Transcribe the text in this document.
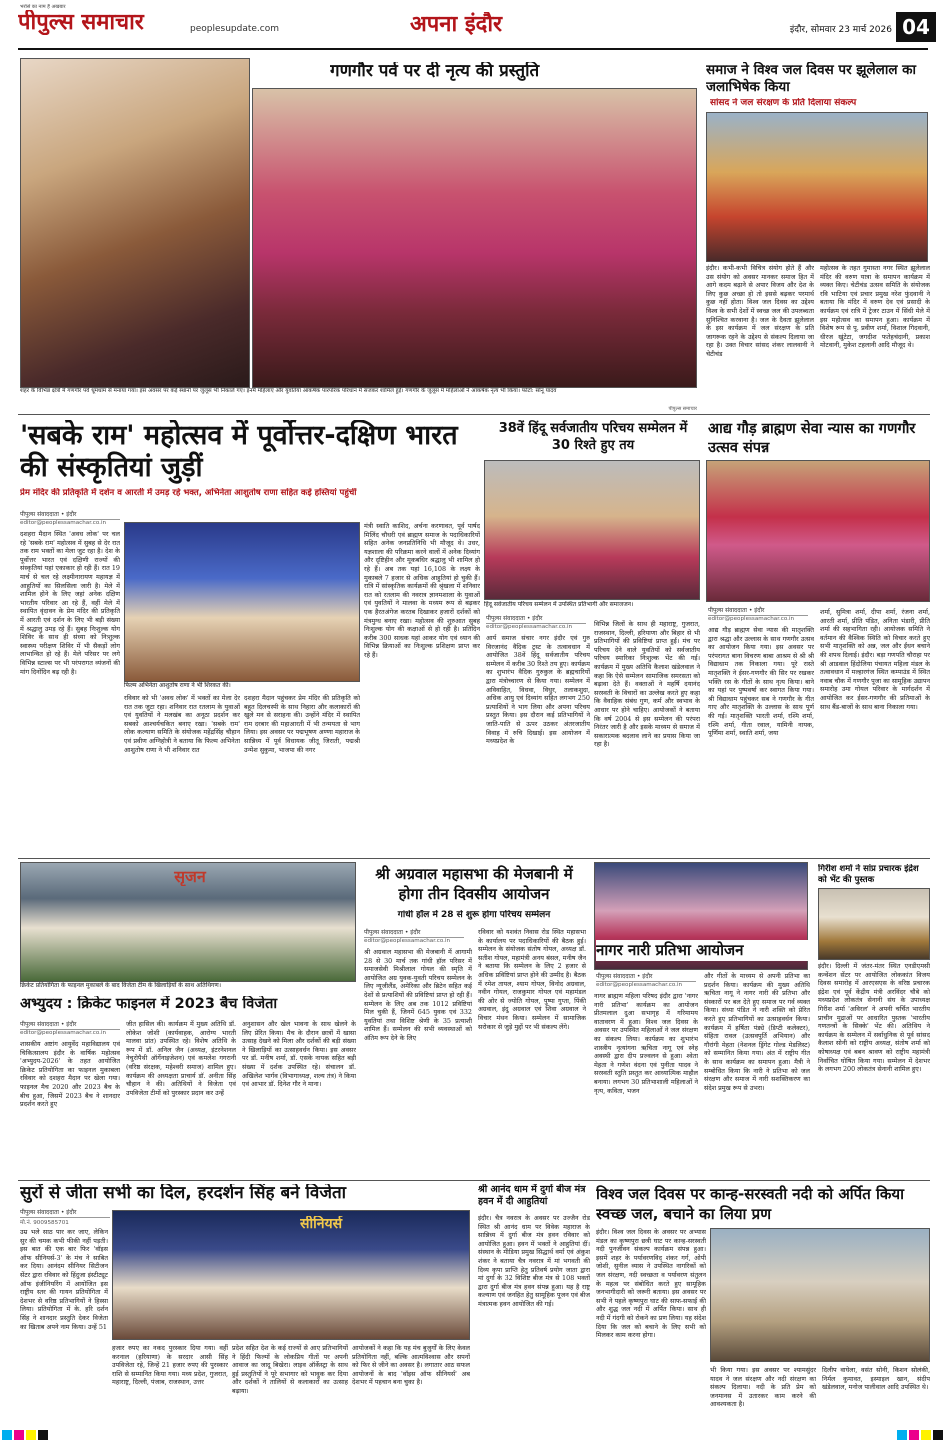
भरोसे का नाम हैं अखबार
पीपुल्स समाचार	peoplesupdate.com	अपना इंदौर	इंदौर, सोमवार 23 मार्च 2026 04
गणगौर पर्व पर दी नृत्य की प्रस्तुति
शहर के विभिन्न क्षेत्रों में गणगौर पर्व धूमधाम से मनाया गया। इस अवसर पर कई स्थानों पर जुलूस भी निकाले गए। इनमें महिलाएं और युवतियां आकर्षक पारंपरिक परिधान में सजकर शामिल हुईं। गणगौर के जुलूस में महिलाओं ने आकर्षक नृत्य भी किया। फोटो: सोनू यादव
पीपुल्स समाचार
समाज ने विश्व जल दिवस पर झूलेलाल का जलाभिषेक किया
सांसद ने जल संरक्षण के प्रति दिलाया संकल्प
इंदौर। कभी-कभी विचित्र संयोग होते हैं और उस संयोग को अवसर मानकर समाज हित में आगे कदम बढ़ाने से अपार विजय और देश के लिए कुछ अच्छा हो तो इससे बढ़कर परमार्थ कुछ नहीं होता। विश्व जल दिवस का उद्देश्य विश्व के सभी देशों में स्वच्छ जल की उपलब्धता सुनिश्चित करवाना है। जल के दैवता झूलेलाल के इस कार्यक्रम में जल संरक्षण के प्रति जागरूक रहने के उद्देश्य से संकल्प दिलाया जा रहा है। उक्त विचार सांसद शंकर लालवानी ने चेटीचंड
महोत्सव के तहत गुमास्ता नगर स्थित झूलेलाल मंदिर की वरुण यात्रा के समापन कार्यक्रम में व्यक्त किए। चेटीचंड उत्सव समिति के संयोजक रवि भाटिया एवं प्रचार प्रमुख नरेश फुंदवानी ने बताया कि मंदिर में वरुण देव एवं प्रसादी के कार्यक्रम एवं रात्रि में ट्रेजर टाउन में सिंधी मेले में इस महोत्सव का समापन हुआ। कार्यक्रम में विशेष रूप से पू. प्रवीण शर्मा, विशाल गिदवानी, धीरज खुंटेटा, जगदीश फतेहचंदानी, प्रकाश मोटवानी, मुकेश टहलानी आदि मौजूद थे।
'सबके राम' महोत्सव में पूर्वोत्तर-दक्षिण भारत की संस्कृतियां जुड़ीं
प्रेम मंदिर की प्रतिकृति में दर्शन व आरती में उमड़ रहे भक्त, अभिनेता आशुतोष राणा सहित कई हस्तियां पहुंचीं
पीपुल्स संवाददाता • इंदौर
editor@peoplessamachar.co.in
दशहरा मैदान स्थित 'अवध लोक' पर चल रहे 'सबके राम' महोत्सव में सुबह से देर रात तक राम भक्तों का मेला जुट रहा है। देश के पूर्वोत्तर भारत एवं दक्षिणी राज्यों की संस्कृतियां यहां एकाकार हो रही हैं। रात 19 मार्च से चल रहे लक्ष्मीनारायण महायज्ञ में आहुतियों का सिलसिला जारी है। मेले में शामिल होने के लिए जहां अनेक दक्षिण भारतीय परिवार आ रहे हैं, वहीं मेले में स्थापित वृंदावन के प्रेम मंदिर की प्रतिकृति में आरती एवं दर्शन के लिए भी बड़ी संख्या में श्रद्धालु उमड़ रहे हैं। सुबह निःशुल्क योग शिविर के साथ ही संध्या को निःशुल्क स्वास्थ्य परीक्षण शिविर में भी सैकड़ों लोग लाभान्वित हो रहे हैं। मेले परिसर पर लगे विभिन्न स्टाल्स पर भी परंपरागत व्यंजनों की मांग दिनोंदिन बढ़ रही है।
फिल्म अभिनेता आशुतोष राणा ने भी शिरकत की।
मंत्री स्वाति काशिद, अर्चना करणावत, पूर्व पार्षद मिलिंद चौधरी एवं ब्राह्मण समाज के पदाधिकारियों सहित अनेक जनप्रतिनिधि भी मौजूद थे। उधर, यज्ञशाला की परिक्रमा करने वालों में अनेक दिव्यांग और दृष्टिहीन और मूकबधिर श्रद्धालु भी शामिल हो रहे हैं। अब तक यहां 16,108 के लक्ष्य के मुकाबले 7 हजार से अधिक आहुतियां हो चुकी हैं। रात्रि में सांस्कृतिक कार्यक्रमों की श्रृंखला में शनिवार रात को रतलाम की नवरात्र ज्ञानमशाला के युवाओं एवं युवतियों ने मालवा के मध्यम रूप से बढ़कर एक हैरतअंगेज करतब दिखाकर हजारों दर्शकों को मंत्रमुग्ध बनाए रखा। महोत्सव की शुरुआत सुबह निःशुल्क योग की कक्षाओं से हो रही है। प्रतिदिन करीब 300 साधक यहां आकर योग एवं ध्यान की विभिन्न क्रियाओं का निःशुल्क प्रशिक्षण प्राप्त कर रहे हैं।
रविवार को भी 'अवध लोक' में भक्तों का मेला देर रात तक जुटा रहा। शनिवार रात रतलाम के युवाओं एवं युवतियों ने मलखंब का अनूठा प्रदर्शन कर सबको आश्चर्यचकित बनाए रखा। 'सबके राम' लोक कल्याण समिति के संयोजक महेंद्रसिंह चौहान एवं प्रवीण अग्निहोत्री ने बताया कि फिल्म अभिनेता आशुतोष राणा ने भी शनिवार रात
दशहरा मैदान पहुंचकर प्रेम मंदिर की प्रतिकृति को बहुत दिलचस्पी के साथ निहारा और कलाकारों की खुले मन से सराहना की। उन्होंने मंदिर में स्थापित राम दरबार की महाआरती में भी तन्मयता से भाग लिया। इस अवसर पर पद्मभूषण अण्णा महाराज के सान्निध्य में पूर्व विधायक जीतू जिराती, पद्मश्री उन्मेश सुकुमा, भाजपा की नगर
38वें हिंदू सर्वजातीय परिचय सम्मेलन में 30 रिश्ते हुए तय
हिंदू सर्वजातीय परिचय सम्मेलन में उपस्थित प्रतिभागी और समाजजन।
पीपुल्स संवाददाता • इंदौर
editor@peoplessamachar.co.in
आर्य समाज संचार नगर इंदौर एवं गुरु विरजानंद वैदिक ट्रस्ट के तत्वावधान में आयोजित 38वें हिंदू सर्वजातीय परिचय सम्मेलन में करीब 30 रिश्ते तय हुए। कार्यक्रम का शुभारंभ वैदिक गुरुकुल के ब्रह्मचारियों द्वारा मंत्रोच्चारण से किया गया। सम्मेलन में अविवाहित, विधवा, विधुर, तलाकशुदा, अधिक आयु एवं दिव्यांग सहित लगभग 250 प्रत्याशियों ने भाग लिया और अपना परिचय प्रस्तुत किया। इस दौरान कई प्रतिभागियों ने जाति-पाति से ऊपर उठकर अंतरजातीय विवाह में रुचि दिखाई। इस आयोजन में मध्यप्रदेश के
विभिन्न जिलों के साथ ही महाराष्ट्र, गुजरात, राजस्थान, दिल्ली, हरियाणा और बिहार से भी प्रतिभागियों की प्रविष्टियां प्राप्त हुईं। मंच पर परिचय देने वाले युवतियों को सर्वजातीय परिचय स्मारिका निःशुल्क भेंट की गई। कार्यक्रम में मुख्य अतिथि कैलाश खंडेलवाल ने कहा कि ऐसे सम्मेलन सामाजिक समरसता को बढ़ावा देते हैं। वक्ताओं ने महर्षि दयानंद सरस्वती के विचारों का उल्लेख करते हुए कहा कि वैवाहिक संबंध गुण, कर्म और स्वभाव के आधार पर होने चाहिए। आयोजकों ने बताया कि वर्ष 2004 से इस सम्मेलन की परंपरा निरंतर जारी है और इसके माध्यम से समाज में सकारात्मक बदलाव लाने का प्रयास किया जा रहा है।
आद्य गौड़ ब्राह्मण सेवा न्यास का गणगौर उत्सव संपन्न
पीपुल्स संवाददाता • इंदौर
editor@peoplessamachar.co.in
आद्य गौड़ ब्राह्मण सेवा न्यास की मातृशक्ति द्वारा श्रद्धा और उल्लास के साथ गणगौर उत्सव का आयोजन किया गया। इस अवसर पर परंपरागत बाना विचरण बाबा आश्रम से श्री श्री विद्याधाम तक निकाला गया। पूरे रास्ते मातृशक्ति ने ईसर-गणगौर की सिर पर रखकर भक्ति रस के गीतों के साथ नृत्य किया। बाने का यहां पर पुष्पवर्षा कर स्वागत किया गया। श्री विद्याधाम पहुंचकर सब ने गणगौर के गीत गाए और मातृशक्ति के उल्लास के साथ पूर्ण की गई। मातृशक्ति भारती शर्मा, रश्मि शर्मा, रश्मि शर्मा, गीता रवाल, यामिनी नायक, पूर्णिमा शर्मा, स्वाति शर्मा, जया
शर्मा, सुमित्रा शर्मा, दीपा शर्मा, रंजना शर्मा, आरती शर्मा, प्रीति पंडित, अनिता भंडारी, प्रीति शर्मा की सहभागिता रही। आयोजक समिति ने वर्तमान की वैश्विक स्थिति को विचार करते हुए सभी मातृशक्ति को अन्न, जल और ईंधन बचाने की शपथ दिलाई। इंदौर। बड़ा गणपति चौराहा पर श्री आडवाल हिंदोलिया पंचायत महिला मंडल के तत्वावधान में मल्हारगंज स्थित कम्पाउंड में स्थित नवाब चौक में गणगौर पूजा का सामूहिक उद्यापन समारोह उमा गोयल परिवार के मार्गदर्शन में आयोजित कर ईसर-गणगौर की प्रतिमाओं के साथ बैंड-बाजों के साथ बाना निकाला गया।
सृजन
क्रिकेट प्रतियोगिता के फाइनल मुकाबले के बाद विजेता टीम के खिलाड़ियों के साथ अतिथिगण।
अभ्युदय : क्रिकेट फाइनल में 2023 बैच विजेता
पीपुल्स संवाददाता • इंदौर
editor@peoplessamachar.co.in
शासकीय अष्टांग आयुर्वेद महाविद्यालय एवं चिकित्सालय इंदौर के वार्षिक महोत्सव 'अभ्युदय-2026' के तहत आयोजित क्रिकेट प्रतियोगिता का फाइनल मुकाबला रविवार को दशहरा मैदान पर खेला गया। फाइनल मैच 2020 और 2023 बैच के बीच हुआ, जिसमें 2023 बैच ने शानदार प्रदर्शन करते हुए
जीत हासिल की। कार्यक्रम में मुख्य अतिथि डॉ. लोकेश जोशी (कार्यवाहक, आरोग्य भारती मालवा प्रांत) उपस्थित रहे। विशेष अतिथि के रूप में डॉ. अनिल जैन (अध्यक्ष, इंटरनेशनल नेचुरोपैथी ऑर्गेनाइजेशन) एवं कमलेश गगरानी (वरिष्ठ संरक्षक, महेश्वरी समाज) शामिल हुए। कार्यक्रम की अध्यक्षता प्राचार्य डॉ. अनीता सिंह चौहान ने की। अतिथियों ने विजेता एवं उपविजेता टीमों को पुरस्कार प्रदान कर उन्हें
अनुशासन और खेल भावना के साथ खेलने के लिए प्रेरित किया। मैच के दौरान छात्रों में खासा उत्साह देखने को मिला और दर्शकों की बड़ी संख्या ने खिलाड़ियों का उत्साहवर्धन किया। इस अवसर पर डॉ. मनीष शर्मा, डॉ. एसके नायक सहित बड़ी संख्या में दर्शक उपस्थित रहे। संचालन डॉ. अखिलेश भार्गव (विभागाध्यक्ष, शल्य तंत्र) ने किया एवं आभार डॉ. दिनेश गौर ने माना।
श्री अग्रवाल महासभा की मेजबानी में होगा तीन दिवसीय आयोजन
गांधी हॉल में 28 से शुरू होगा परिचय सम्मेलन
पीपुल्स संवाददाता • इंदौर
editor@peoplessamachar.co.in
श्री अग्रवाल महासभा की मेजबानी में आगामी 28 से 30 मार्च तक गांधी हॉल परिसर में समाजसेवी मिश्रीलाल गोयल की स्मृति में आयोजित अग्र युवक-युवती परिचय सम्मेलन के लिए न्यूजीलैंड, अमेरिका और ब्रिटेन सहित कई देशों से प्रत्याशियों की प्रविष्टियां प्राप्त हो रही हैं। सम्मेलन के लिए अब तक 1012 प्रविष्टियां मिल चुकी हैं, जिनमें 645 युवक एवं 332 युवतियां तथा विशिष्ट श्रेणी के 35 प्रत्याशी शामिल हैं। सम्मेलन की सभी व्यवस्थाओं को अंतिम रूप देने के लिए
रविवार को यशवंत निवास रोड स्थित महासभा के कार्यालय पर पदाधिकारियों की बैठक हुई। सम्मेलन के संयोजक संतोष गोयल, अध्यक्ष डॉ. सतीश गोयल, महामंत्री अनय बंसल, मनीष जैन ने बताया कि सम्मेलन के लिए 2 हजार से अधिक प्रविष्टियां प्राप्त होने की उम्मीद है। बैठक में रमेश तायल, श्याम गोयल, विनोद अग्रवाल, नवीन गोयल, राजकुमार गोयल एवं महामंडल की ओर से ज्योति गोयल, पुष्पा गुप्ता, पिंकी अग्रवाल, इंदु अग्रवाल एवं शिवा अग्रवाल ने विचार मंथन किया। सम्मेलन में सामाजिक सरोकार से जुड़े मुद्दों पर भी संकल्प लेंगे।
नागर नारी प्रतिभा आयोजन
पीपुल्स संवाददाता • इंदौर
editor@peoplessamachar.co.in
नागर ब्राह्मण महिला परिषद इंदौर द्वारा 'नागर नारी प्रतिभा' कार्यक्रम का आयोजन प्रीतमलाल दुआ सभागृह में गरिमामय वातावरण में हुआ। विश्व जल दिवस के अवसर पर उपस्थित महिलाओं ने जल संरक्षण का संकल्प लिया। कार्यक्रम का शुभारंभ शास्त्रीय नृत्यांगना ऋचिता नागू एवं स्नेह अवस्थी द्वारा दीप प्रज्वलन से हुआ। श्वेता मेहता ने गणेश वंदना एवं पुनीता यादव ने सरस्वती स्तुति प्रस्तुत कर आध्यात्मिक माहौल बनाया। लगभग 30 प्रतिभाशाली महिलाओं ने नृत्य, कविता, भजन
और गीतों के माध्यम से अपनी प्रतिभा का प्रदर्शन किया। कार्यक्रम की मुख्य अतिथि ऋचिता नागू ने नागर नारी की प्रतिभा और संस्कारों पर बल देते हुए समाज पर गर्व व्यक्त किया। संध्या पंडित ने नारी शक्ति को प्रेरित करते हुए प्रतिभागियों का उत्साहवर्धन किया। कार्यक्रम में हर्षिता पंड्ये (डिप्टी कलेक्टर), संहिता रावल (उत्सवपूर्ति अभियान) और गौरांगी मेहता (नेशनल ड्रिंगेट गोल्ड मेडलिस्ट) को सम्मानित किया गया। अंत में राष्ट्रीय गीत के साथ कार्यक्रम का समापन हुआ। मैत्री ने सम्बोधित किया कि नारी ने प्रतिभा को जल संरक्षण और समाज में नारी सशक्तिकरण का संदेश प्रमुख रूप से उभरा।
गिरीश शर्मा ने सांप्र प्रचारक इंद्रेश को भेंट की पुस्तक
इंदौर। दिल्ली में जंतर-मंतर स्थित एनडीएमसी कन्वेंशन सेंटर पर आयोजित लोककांत विजय दिवस समारोह में आरएसएस के वरिष्ठ प्रचारक इंद्रेश एवं पूर्व केंद्रीय मंत्री अरविंदर चौबे को मध्यप्रदेश लोकतंत्र सेनानी संघ के उपाध्यक्ष गिरीश शर्मा 'अविरल' ने अपनी चर्चित भारतीय प्राचीन मुद्राओं पर आधारित पुस्तक 'भारतीय गणतन्त्रों के सिक्के' भेंट की। अतिथिय ने कार्यक्रम के सम्मेलन में सर्वाधुनिक से पूर्व सांसद कैलाश सोनी को राष्ट्रीय अध्यक्ष, संतोष शर्मा को कोषाध्यक्ष एवं बबन श्रावण को राष्ट्रीय महामंत्री निर्वाचित घोषित किया गया। सम्मेलन में देशभर के लगभग 200 लोकतंत्र सेनानी शामिल हुए।
सुरों से जीता सभी का दिल, हरदर्शन सिंह बने विजेता
पीपुल्स संवाददाता • इंदौर
मो.नं. 9009585701
उम्र भले साठ पार कर जाए, लेकिन सुर की चमक कभी फीकी नहीं पड़ती। इस बात की एक बार फिर 'वॉइस ऑफ सीनियर्स-3' के मंच ने साबित कर दिया। आनंदम सीनियर सिटीजन सेंटर द्वारा रविवार को हिंदुजा इंस्टीट्यूट ऑफ इंजीनियरिंग में आयोजित इस राष्ट्रीय स्तर की गायन प्रतियोगिता में देशभर से वरिष्ठ प्रतिभागियों ने हिस्सा लिया। प्रतियोगिता में के. हरि दर्शन सिंह ने शानदार प्रस्तुति देकर विजेता का खिताब अपने नाम किया। उन्हें 51
सीनियर्स
हजार रुपए का नकद पुरस्कार दिया गया। वहीं करनाल (हरियाणा) के सरदार आसी सिंह उपविजेता रहे, जिन्हें 21 हजार रुपए की पुरस्कार राशि से सम्मानित किया गया। मध्य प्रदेश, गुजरात, महाराष्ट्र, दिल्ली, पंजाब, राजस्थान, उत्तर
प्रदेश सहित देश के कई राज्यों से आए प्रतिभागियों ने हिंदी फिल्मों के लोकप्रिय गीतों पर अपनी आवाज का जादू बिखेरा। लाइव ऑर्केस्ट्रा के साथ हुई प्रस्तुतियों ने पूरे सभागार को भावुक कर दिया और दर्शकों ने तालियों से कलाकारों का उत्साह बढ़ाया।
आयोजकों ने कहा कि यह मंच बुजुर्गों के लिए केवल प्रतियोगिता नहीं, बल्कि आत्मविश्वास और सपनों को फिर से जीने का अवसर है। लगातार आठ सफल आयोजनों के बाद 'वॉइस ऑफ सीनियर्स' अब देशभर में पहचान बना चुका है।
श्री आनंद धाम में दुर्गा बीज मंत्र हवन में दी आहुतियां
इंदौर। चैत्र नवरात्र के अवसर पर उज्जैन रोड स्थित श्री आनंद धाम पर विवेक महाराज के सान्निध्य में दुर्गा बीज मंत्र हवन रविवार को आयोजित हुआ। हवन में भक्तों ने आहुतियां दीं। संस्थान के मीडिया प्रमुख सिद्धार्थ वर्मा एवं अंकुश शंकर ने बताया चैत्र नवरात्र में मां भगवती की दिव्य कृपा प्राप्ति हेतु प्रतिवर्ष प्रयोग जाता द्वारा मां दुर्गा के 32 विशिष्ट बीज मंत्र से 108 भक्तों द्वारा दुर्गा बीज मंत्र हवन संपन्न हुआ। यह है राष्ट्र कल्याण एवं जनहित हेतु सामूहिक पूजन एवं बीज मंत्रात्मक हवन आयोजित की गई।
विश्व जल दिवस पर कान्ह-सरस्वती नदी को अर्पित किया स्वच्छ जल, बचाने का लिया प्रण
इंदौर। विश्व जल दिवस के अवसर पर अभ्यास मंडल का कृष्णपुरा छत्री घाट पर कान्ह-सरस्वती नदी पुनर्जीवन संकल्प कार्यक्रम संपन्न हुआ। इसमें शहर के पर्यावरणविद् शंकर गर्ग, ओपी जोशी, सुनील व्यास ने उपस्थित नागरिकों को जल संरक्षण, नदी स्वच्छता व पर्यावरण संतुलन के महत्व पर संबोधित करते हुए सामूहिक जनभागीदारी को जरूरी बताया। इस अवसर पर सभी ने पहले कृष्णपुरा घाट की साफ-सफाई की और शुद्ध जल नदी में अर्पित किया। साथ ही नदी में गंदगी को रोकने का प्रण लिया। यह संदेश दिया कि जल को बचाने के लिए सभी को मिलकर काम करना होगा।
भी किया गया। इस अवसर पर श्यामसुंदर यादव ने जल संरक्षण और नदी संरक्षण का संकल्प दिलाया। नदी के प्रति प्रेम को जनमानस में उतारकर काम करने की आवश्यकता है।
दिलीप वाघेला, वसंत सोनी, किशन सोलंकी, निर्मल कुमावत, इस्माइल खान, संदीप खंडेलवाल, मनोज पालीवाल आदि उपस्थित थे।
